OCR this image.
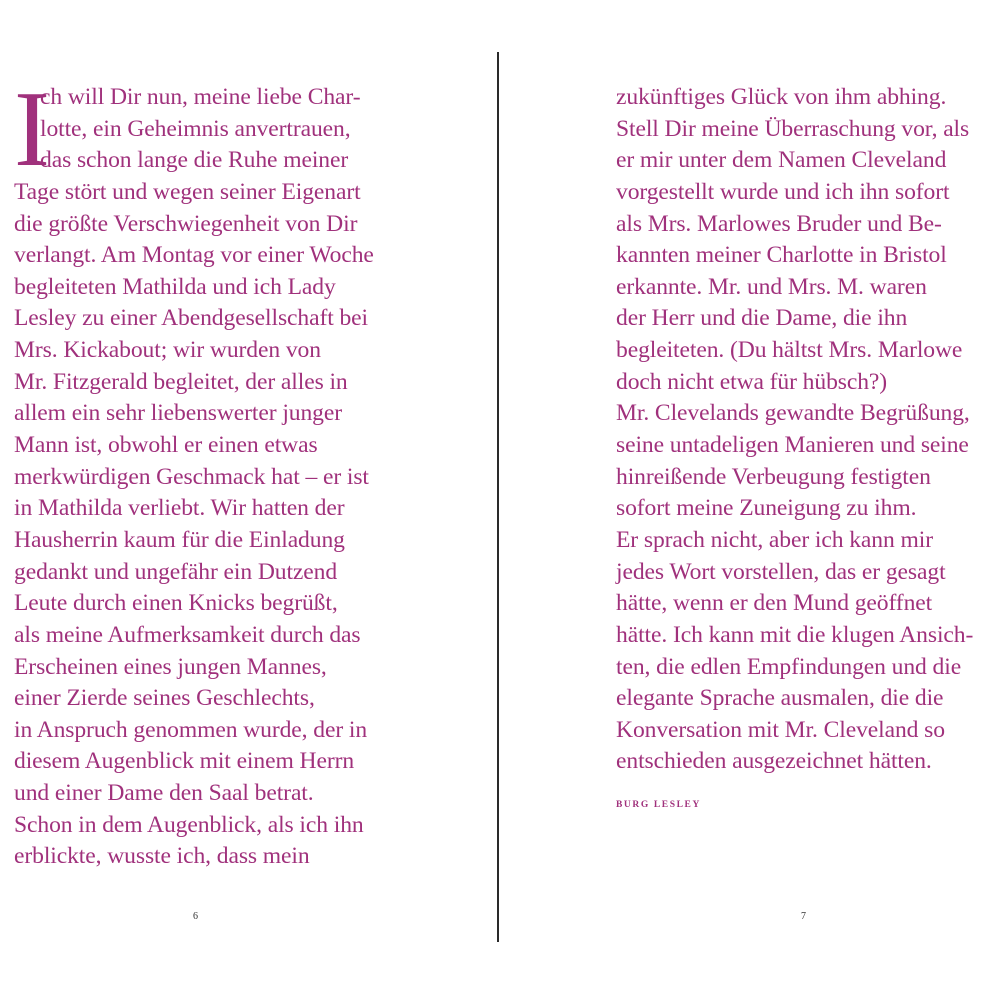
I
ch will Dir nun, meine liebe Char-
lotte, ein Geheimnis anvertrauen,
das schon lange die Ruhe meiner
Tage stört und wegen seiner Eigenart
die größte Verschwiegenheit von Dir
verlangt. Am Montag vor einer Woche
begleiteten Mathilda und ich Lady
Lesley zu einer Abendgesellschaft bei
Mrs. Kickabout; wir wurden von
Mr. Fitzgerald begleitet, der alles in
allem ein sehr liebenswerter junger
Mann ist, obwohl er einen etwas
merkwürdigen Geschmack hat – er ist
in Mathilda verliebt. Wir hatten der
Hausherrin kaum für die Einladung
gedankt und ungefähr ein Dutzend
Leute durch einen Knicks begrüßt,
als meine Aufmerksamkeit durch das
Erscheinen eines jungen Mannes,
einer Zierde seines Geschlechts,
in Anspruch genommen wurde, der in
diesem Augenblick mit einem Herrn
und einer Dame den Saal betrat.
Schon in dem Augenblick, als ich ihn
erblickte, wusste ich, dass mein
6
zukünftiges Glück von ihm abhing.
Stell Dir meine Überraschung vor, als
er mir unter dem Namen Cleveland
vorgestellt wurde und ich ihn sofort
als Mrs. Marlowes Bruder und Be-
kannten meiner Charlotte in Bristol
erkannte. Mr. und Mrs. M. waren
der Herr und die Dame, die ihn
begleiteten. (Du hältst Mrs. Marlowe
doch nicht etwa für hübsch?)
Mr. Clevelands gewandte Begrüßung,
seine untadeligen Manieren und seine
hinreißende Verbeugung festigten
sofort meine Zuneigung zu ihm.
Er sprach nicht, aber ich kann mir
jedes Wort vorstellen, das er gesagt
hätte, wenn er den Mund geöffnet
hätte. Ich kann mit die klugen Ansich-
ten, die edlen Empfindungen und die
elegante Sprache ausmalen, die die
Konversation mit Mr. Cleveland so
entschieden ausgezeichnet hätten.
BURG LESLEY
7
